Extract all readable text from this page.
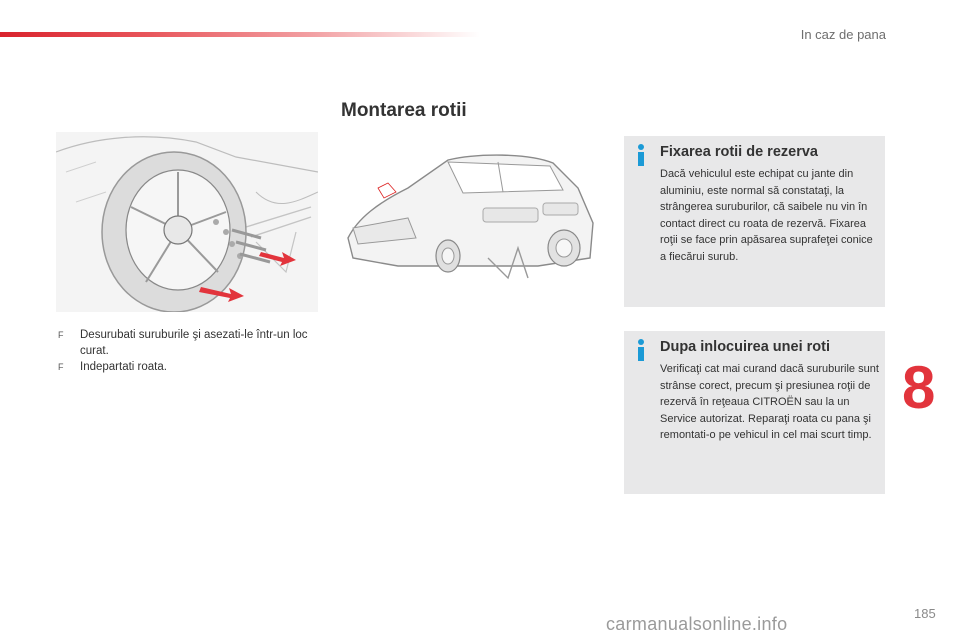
In caz de pana
Montarea rotii
F	Desurubati suruburile şi asezati-le într-un loc curat.
F	Indepartati roata.
Fixarea rotii de rezerva
Dacă vehiculul este echipat cu jante din aluminiu, este normal să constataţi, la strângerea suruburilor, că saibele nu vin în contact direct cu roata de rezervă. Fixarea roţii se face prin apăsarea suprafeţei conice a fiecărui surub.
Dupa inlocuirea unei roti
Verificaţi cat mai curand dacă suruburile sunt strânse corect, precum şi presiunea roţii de rezervă în reţeaua CITROËN sau la un Service autorizat. Reparaţi roata cu pana şi remontati-o pe vehicul in cel mai scurt timp.
8
185
carmanualsonline.info
